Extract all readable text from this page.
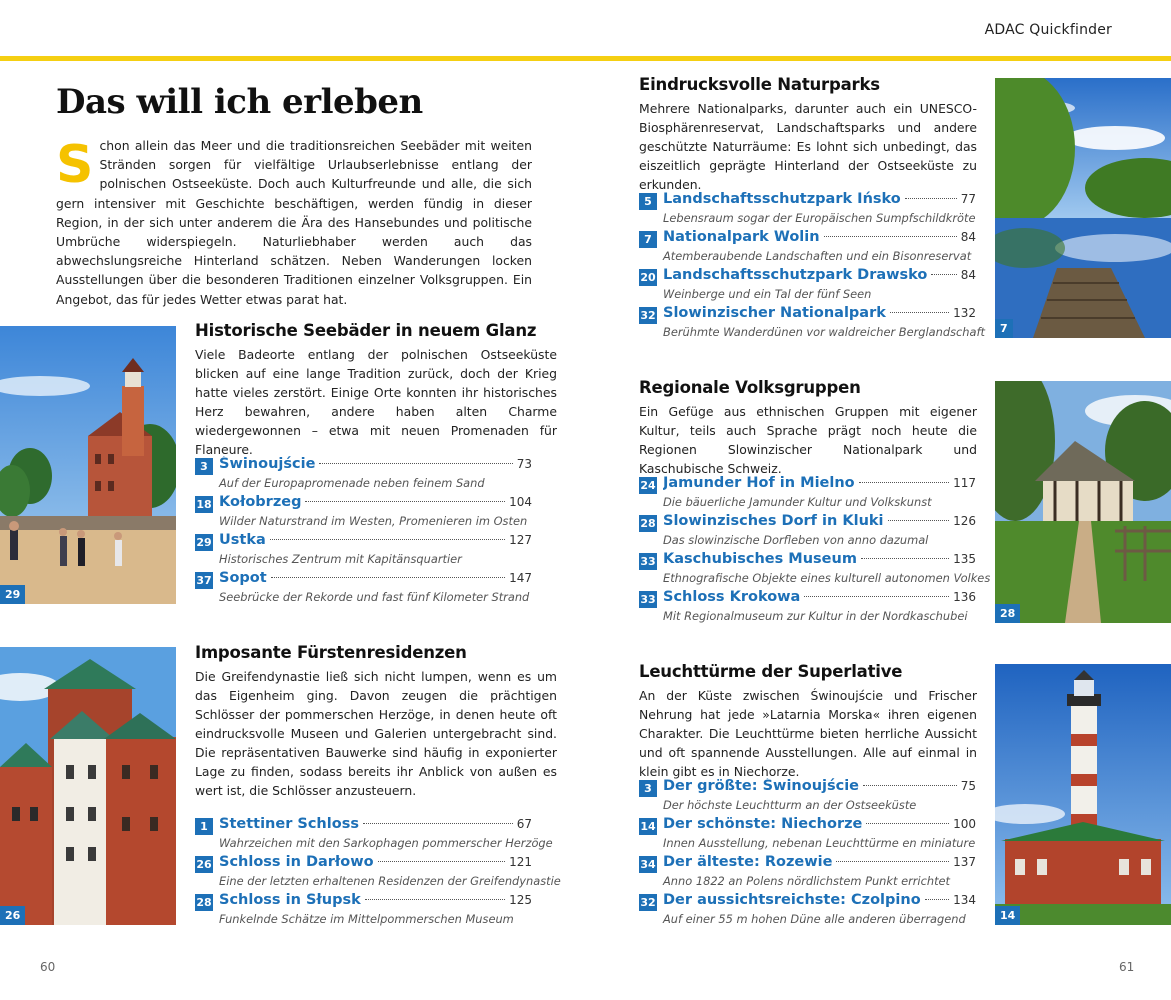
ADAC Quickfinder
Das will ich erleben
Schon allein das Meer und die traditionsreichen Seebäder mit weiten Stränden sorgen für vielfältige Urlaubserlebnisse entlang der polnischen Ostseeküste. Doch auch Kulturfreunde und alle, die sich gern intensiver mit Geschichte beschäftigen, werden fündig in dieser Region, in der sich unter anderem die Ära des Hansebundes und politische Umbrüche widerspiegeln. Naturliebhaber werden auch das abwechslungsreiche Hinterland schätzen. Neben Wanderungen locken Ausstellungen über die besonderen Traditionen einzelner Volksgruppen. Ein Angebot, das für jedes Wetter etwas parat hat.
29
Historische Seebäder in neuem Glanz
Viele Badeorte entlang der polnischen Ostseeküste blicken auf eine lange Tradition zurück, doch der Krieg hatte vieles zerstört. Einige Orte konnten ihr historisches Herz bewahren, andere haben alten Charme wiedergewonnen – etwa mit neuen Promenaden für Flaneure.
3 Świnoujście	73
Auf der Europapromenade neben feinem Sand
18 Kołobrzeg	104
Wilder Naturstrand im Westen, Promenieren im Osten
29 Ustka	127
Historisches Zentrum mit Kapitänsquartier
37 Sopot	147
Seebrücke der Rekorde und fast fünf Kilometer Strand
26
Imposante Fürstenresidenzen
Die Greifendynastie ließ sich nicht lumpen, wenn es um das Eigenheim ging. Davon zeugen die prächtigen Schlösser der pommerschen Herzöge, in denen heute oft eindrucksvolle Museen und Galerien untergebracht sind. Die repräsentativen Bauwerke sind häufig in exponierter Lage zu finden, sodass bereits ihr Anblick von außen es wert ist, die Schlösser anzusteuern.
1 Stettiner Schloss	67
Wahrzeichen mit den Sarkophagen pommerscher Herzöge
26 Schloss in Darłowo	121
Eine der letzten erhaltenen Residenzen der Greifendynastie
28 Schloss in Słupsk	125
Funkelnde Schätze im Mittelpommerschen Museum
Eindrucksvolle Naturparks
Mehrere Nationalparks, darunter auch ein UNESCO-Biosphärenreservat, Landschaftsparks und andere geschützte Naturräume: Es lohnt sich unbedingt, das eiszeitlich geprägte Hinterland der Ostseeküste zu erkunden.
5 Landschaftsschutzpark Ińsko	77
Lebensraum sogar der Europäischen Sumpfschildkröte
7 Nationalpark Wolin	84
Atemberaubende Landschaften und ein Bisonreservat
20 Landschaftsschutzpark Drawsko	84
Weinberge und ein Tal der fünf Seen
32 Slowinzischer Nationalpark	132
Berühmte Wanderdünen vor waldreicher Berglandschaft	7
Regionale Volksgruppen
Ein Gefüge aus ethnischen Gruppen mit eigener Kultur, teils auch Sprache prägt noch heute die Regionen Slowinzischer Nationalpark und Kaschubische Schweiz.
24 Jamunder Hof in Mielno	117
Die bäuerliche Jamunder Kultur und Volkskunst
28 Slowinzisches Dorf in Kluki	126
Das slowinzische Dorfleben von anno dazumal
33 Kaschubisches Museum	135
Ethnografische Objekte eines kulturell autonomen Volkes
33 Schloss Krokowa	136
Mit Regionalmuseum zur Kultur in der Nordkaschubei	28
Leuchttürme der Superlative
An der Küste zwischen Świnoujście und Frischer Nehrung hat jede »Latarnia Morska« ihren eigenen Charakter. Die Leuchttürme bieten herrliche Aussicht und oft spannende Ausstellungen. Alle auf einmal in klein gibt es in Niechorze.
3 Der größte: Świnoujście	75
Der höchste Leuchtturm an der Ostseeküste
14 Der schönste: Niechorze	100
Innen Ausstellung, nebenan Leuchttürme en miniature
34 Der älteste: Rozewie	137
Anno 1822 an Polens nördlichstem Punkt errichtet
32 Der aussichtsreichste: Czolpino	134
Auf einer 55 m hohen Düne alle anderen überragend	14
60	61
